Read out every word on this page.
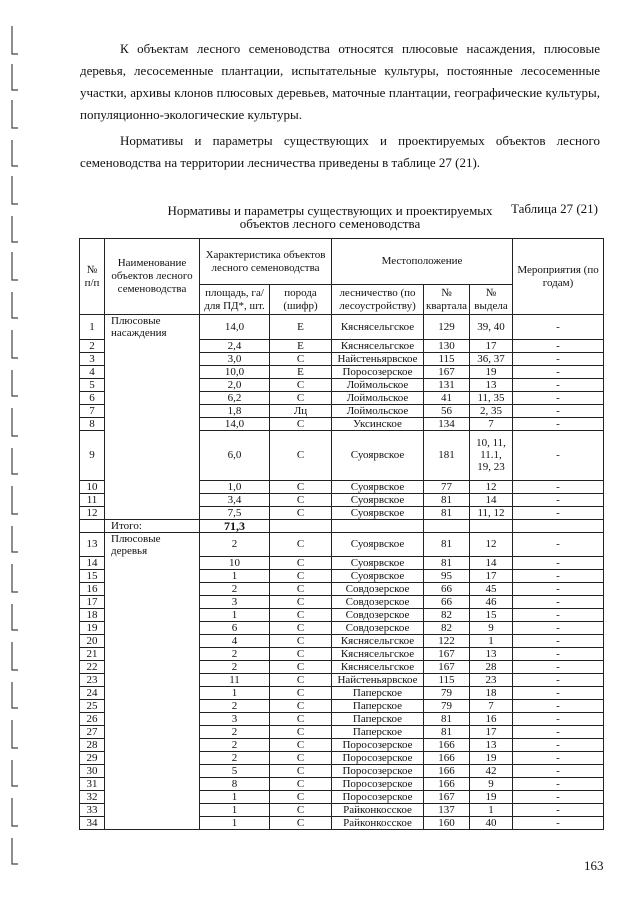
К объектам лесного семеноводства относятся плюсовые насаждения, плюсовые деревья, лесосеменные плантации, испытательные культуры, постоянные лесосеменные участки, архивы клонов плюсовых деревьев, маточные плантации, географические культуры, популяционно-экологические культуры.

Нормативы и параметры существующих и проектируемых объектов лесного семеноводства на территории лесничества приведены в таблице 27 (21).

Таблица 27 (21)
Нормативы и параметры существующих и проектируемых
объектов лесного семеноводства
№ п/п	Наименование объектов лесного семеноводства	Характеристика объектов лесного семеноводства		Местоположение			Мероприятия (по годам)
		площадь, га/ для ПД*, шт.	порода (шифр)	лесничество (по лесоустройству)	№ квартала	№ выдела	
1	Плюсовые насаждения	14,0	Е	Кяснясельгское	129	39, 40	-
2		2,4	Е	Кяснясельгское	130	17	-
3		3,0	С	Найстеньярвское	115	36, 37	-
4		10,0	Е	Поросозерское	167	19	-
5		2,0	С	Лоймольское	131	13	-
6		6,2	С	Лоймольское	41	11, 35	-
7		1,8	Лц	Лоймольское	56	2, 35	-
8		14,0	С	Уксинское	134	7	-
9		6,0	С	Суоярвское	181	10, 11, 11.1, 19, 23	-
10		1,0	С	Суоярвское	77	12	-
11		3,4	С	Суоярвское	81	14	-
12		7,5	С	Суоярвское	81	11, 12	-
	Итого:	71,3					
13	Плюсовые деревья	2	С	Суоярвское	81	12	-
14		10	С	Суоярвское	81	14	-
15		1	С	Суоярвское	95	17	-
16		2	С	Совдозерское	66	45	-
17		3	С	Совдозерское	66	46	-
18		1	С	Совдозерское	82	15	-
19		6	С	Совдозерское	82	9	-
20		4	С	Кяснясельгское	122	1	-
21		2	С	Кяснясельгское	167	13	-
22		2	С	Кяснясельгское	167	28	-
23		11	С	Найстеньярвское	115	23	-
24		1	С	Паперское	79	18	-
25		2	С	Паперское	79	7	-
26		3	С	Паперское	81	16	-
27		2	С	Паперское	81	17	-
28		2	С	Поросозерское	166	13	-
29		2	С	Поросозерское	166	19	-
30		5	С	Поросозерское	166	42	-
31		8	С	Поросозерское	166	9	-
32		1	С	Поросозерское	167	19	-
33		1	С	Райконкосское	137	1	-
34		1	С	Райконкосское	160	40	-
163
